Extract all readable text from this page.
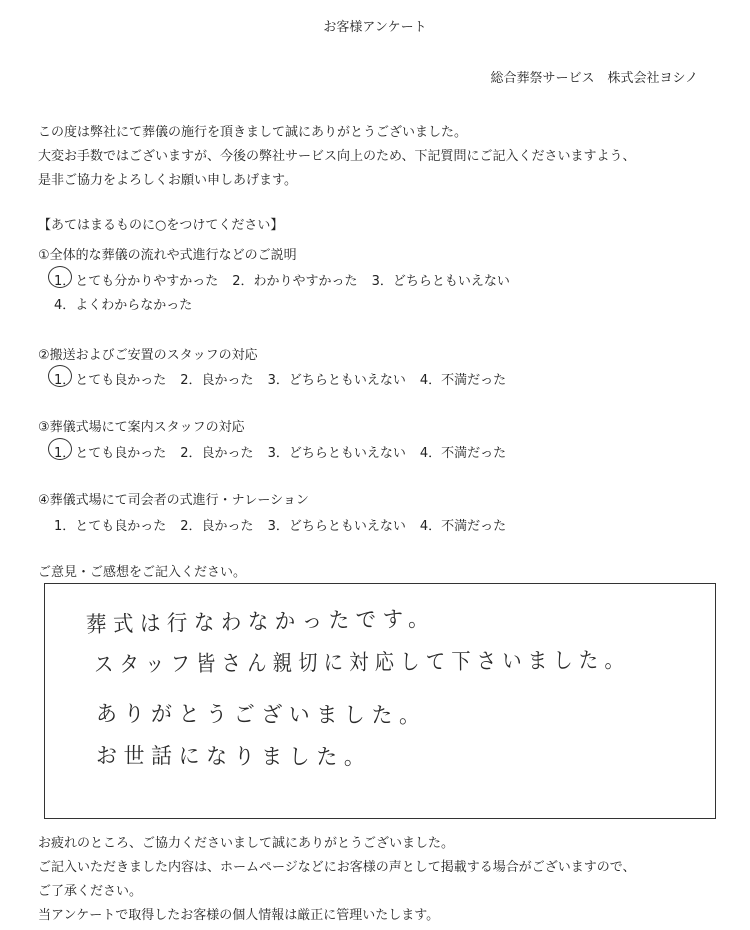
お客様アンケート
総合葬祭サービス　株式会社ヨシノ
この度は弊社にて葬儀の施行を頂きまして誠にありがとうございました。
大変お手数ではございますが、今後の弊社サービス向上のため、下記質問にご記入くださいますよう、
是非ご協力をよろしくお願い申しあげます。
【あてはまるものに○をつけてください】
①全体的な葬儀の流れや式進行などのご説明
1．とても分かりやすかった 2．わかりやすかった 3．どちらともいえない
4．よくわからなかった
②搬送およびご安置のスタッフの対応
1．とても良かった 2．良かった 3．どちらともいえない 4．不満だった
③葬儀式場にて案内スタッフの対応
1．とても良かった 2．良かった 3．どちらともいえない 4．不満だった
④葬儀式場にて司会者の式進行・ナレーション
1．とても良かった 2．良かった 3．どちらともいえない 4．不満だった
ご意見・ご感想をご記入ください。
葬式は行なわなかったです。
スタッフ皆さん親切に対応して下さいました。
ありがとうございました。
お世話になりました。
お疲れのところ、ご協力くださいまして誠にありがとうございました。
ご記入いただきました内容は、ホームページなどにお客様の声として掲載する場合がございますので、
ご了承ください。
当アンケートで取得したお客様の個人情報は厳正に管理いたします。
